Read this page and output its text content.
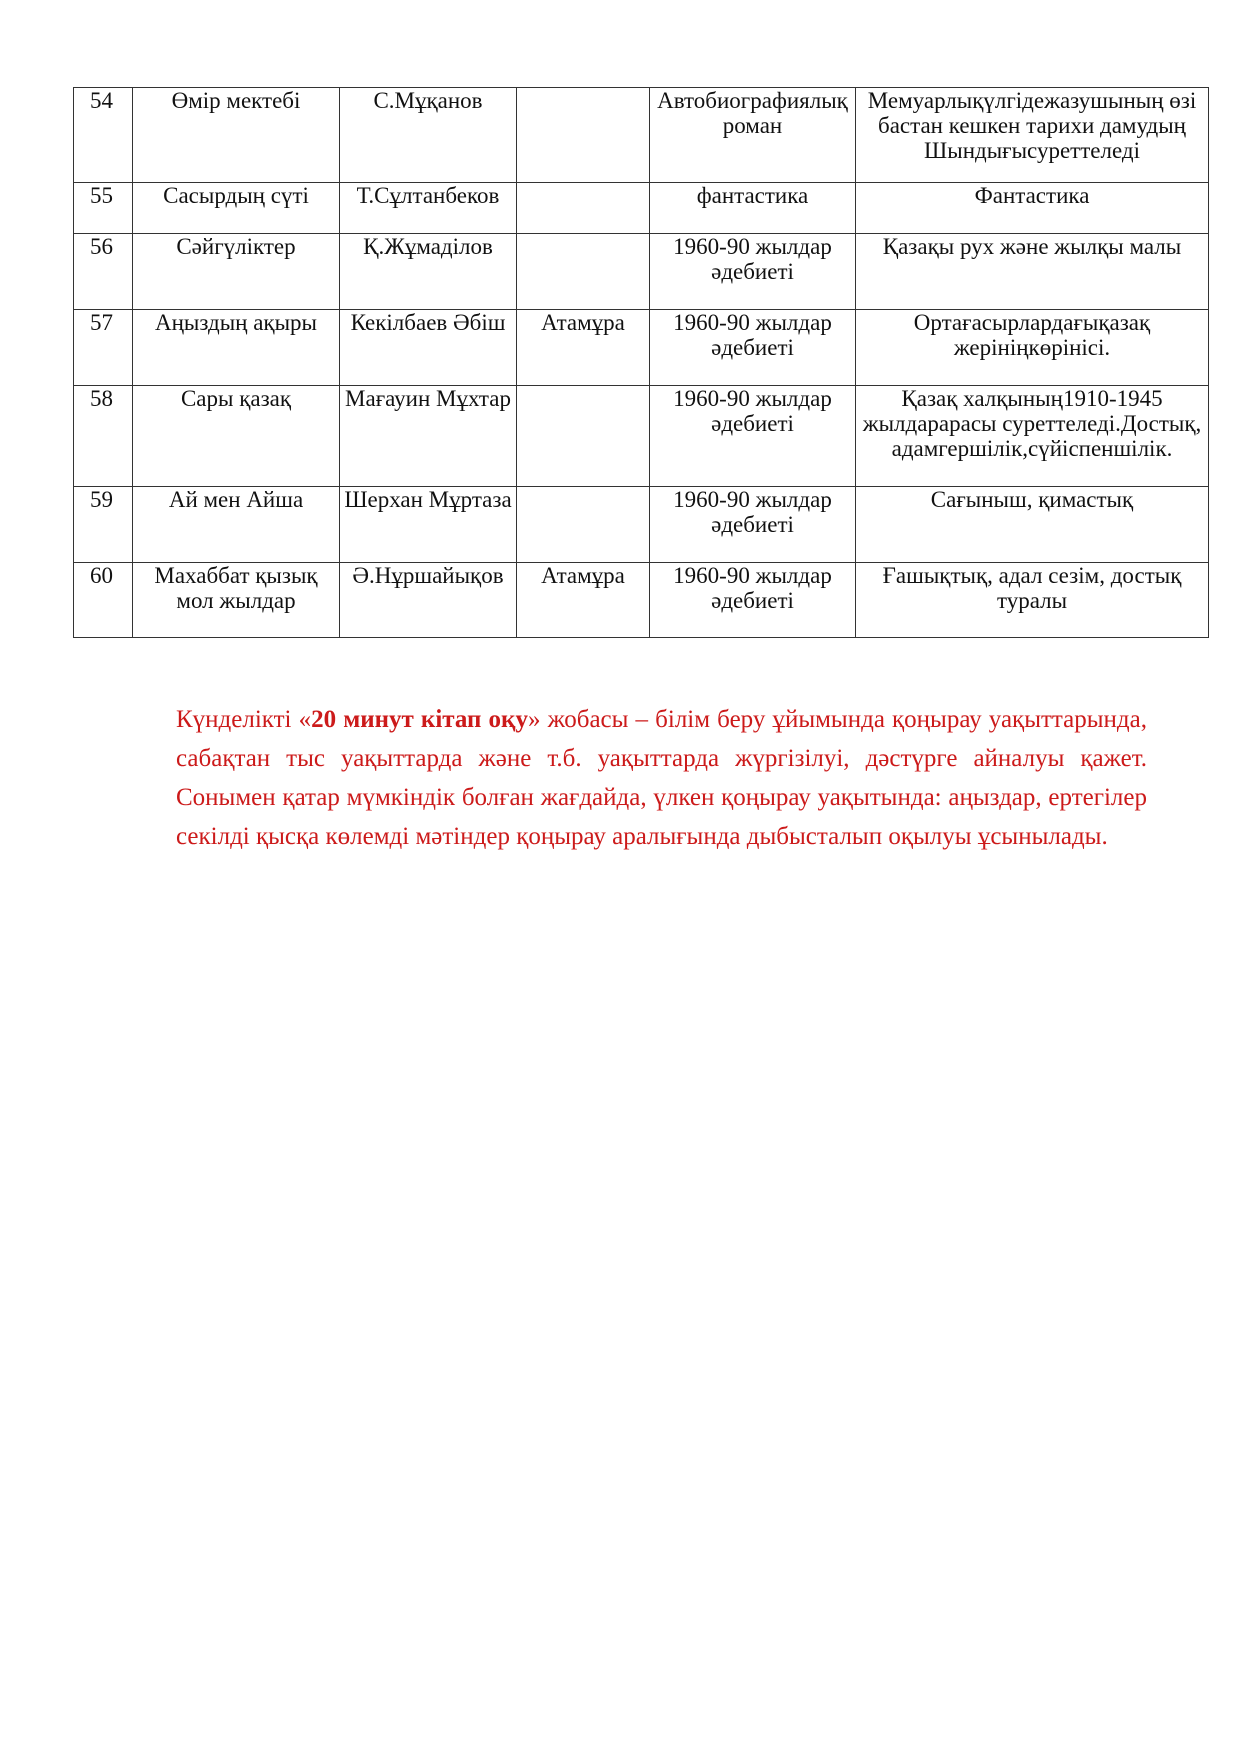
54	Өмір мектебі	С.Мұқанов		Автобиографиялық роман	Мемуарлықүлгідежазушының өзі бастан кешкен тарихи дамудың Шындығысуреттеледі
55	Сасырдың сүті	Т.Сұлтанбеков		фантастика	Фантастика
56	Сәйгүліктер	Қ.Жұмаділов		1960-90 жылдар әдебиеті	Қазақы рух және жылқы малы
57	Аңыздың ақыры	Кекілбаев Әбіш	Атамұра	1960-90 жылдар әдебиеті	Ортағасырлардағықазақ жерініңкөрінісі.
58	Сары қазақ	Мағауин Мұхтар		1960-90 жылдар әдебиеті	Қазақ халқының1910-1945 жылдарарасы суреттеледі.Достық, адамгершілік,сүйіспеншілік.
59	Ай мен Айша	Шерхан Мұртаза		1960-90 жылдар әдебиеті	Сағыныш, қимастық
60	Махаббат қызық мол жылдар	Ә.Нұршайықов	Атамұра	1960-90 жылдар әдебиеті	Ғашықтық, адал сезім, достық туралы

Күнделікті «20 минут кітап оқу» жобасы – білім беру ұйымында қоңырау уақыттарында, сабақтан тыс уақыттарда және т.б. уақыттарда жүргізілуі, дәстүрге айналуы қажет. Сонымен қатар мүмкіндік болған жағдайда, үлкен қоңырау уақытында: аңыздар, ертегілер секілді қысқа көлемді мәтіндер қоңырау аралығында дыбысталып оқылуы ұсынылады.
